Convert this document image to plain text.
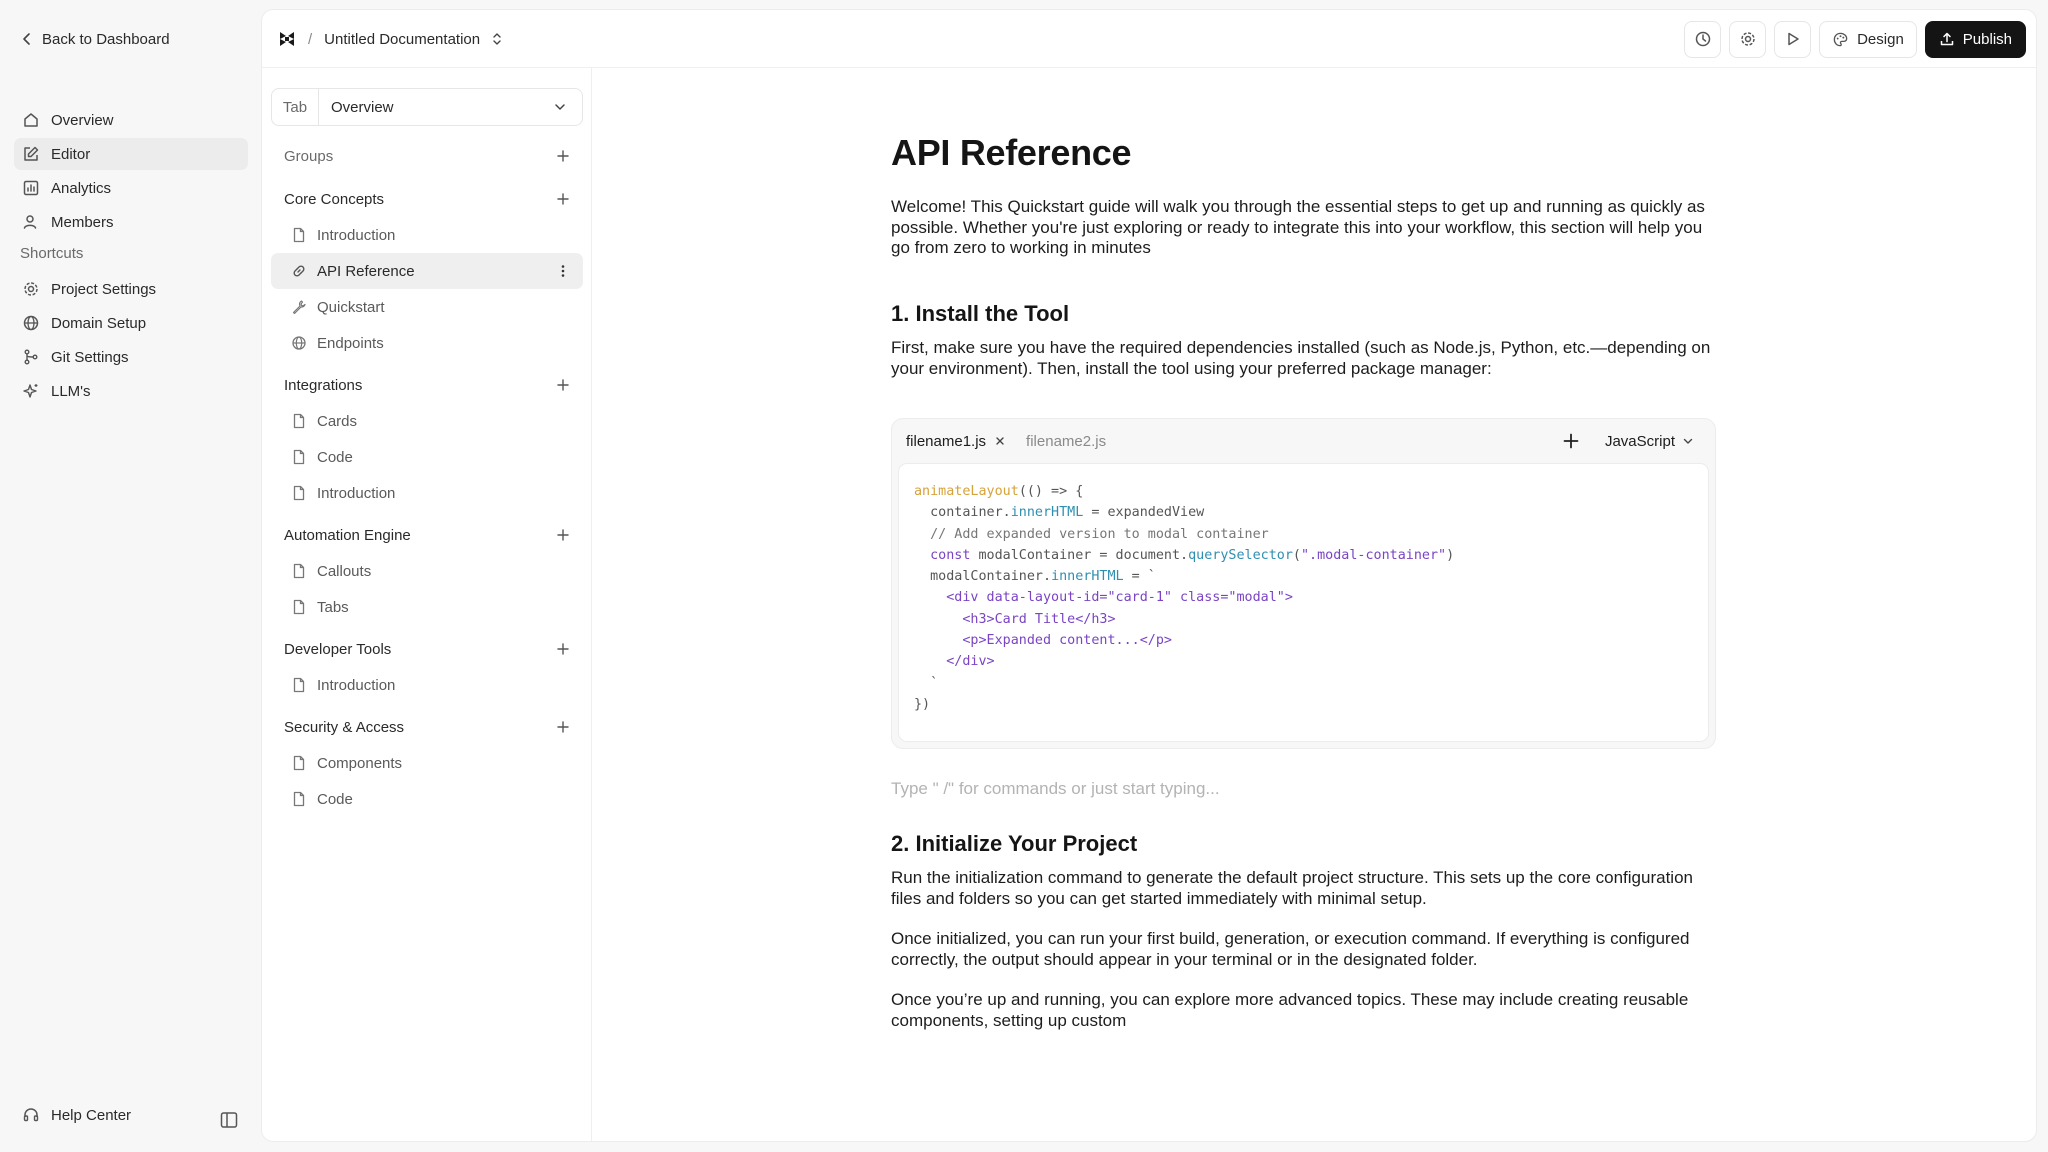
Back to Dashboard
Overview
Editor
Analytics
Members
Shortcuts
Project Settings
Domain Setup
Git Settings
LLM's
Help Center
/ Untitled Documentation	Design	Publish
Tab	Overview
Groups
Core Concepts
Introduction
API Reference
Quickstart
Endpoints
Integrations
Cards
Code
Introduction
Automation Engine
Callouts
Tabs
Developer Tools
Introduction
Security & Access
Components
Code
API Reference

Welcome! This Quickstart guide will walk you through the essential steps to get up and running as quickly as possible. Whether you're just exploring or ready to integrate this into your workflow, this section will help you go from zero to working in minutes

1. Install the Tool

First, make sure you have the required dependencies installed (such as Node.js, Python, etc.—depending on your environment). Then, install the tool using your preferred package manager:

filename1.js	filename2.js	JavaScript
animateLayout(() => {
container.innerHTML = expandedView
// Add expanded version to modal container
const modalContainer = document.querySelector(".modal-container")
modalContainer.innerHTML = `
<div data-layout-id="card-1" class="modal">
<h3>Card Title</h3>
<p>Expanded content...</p>
</div>
`
})
Type " /" for commands or just start typing...
2. Initialize Your Project

Run the initialization command to generate the default project structure. This sets up the core configuration files and folders so you can get started immediately with minimal setup.

Once initialized, you can run your first build, generation, or execution command. If everything is configured correctly, the output should appear in your terminal or in the designated folder.

Once you’re up and running, you can explore more advanced topics. These may include creating reusable components, setting up custom
